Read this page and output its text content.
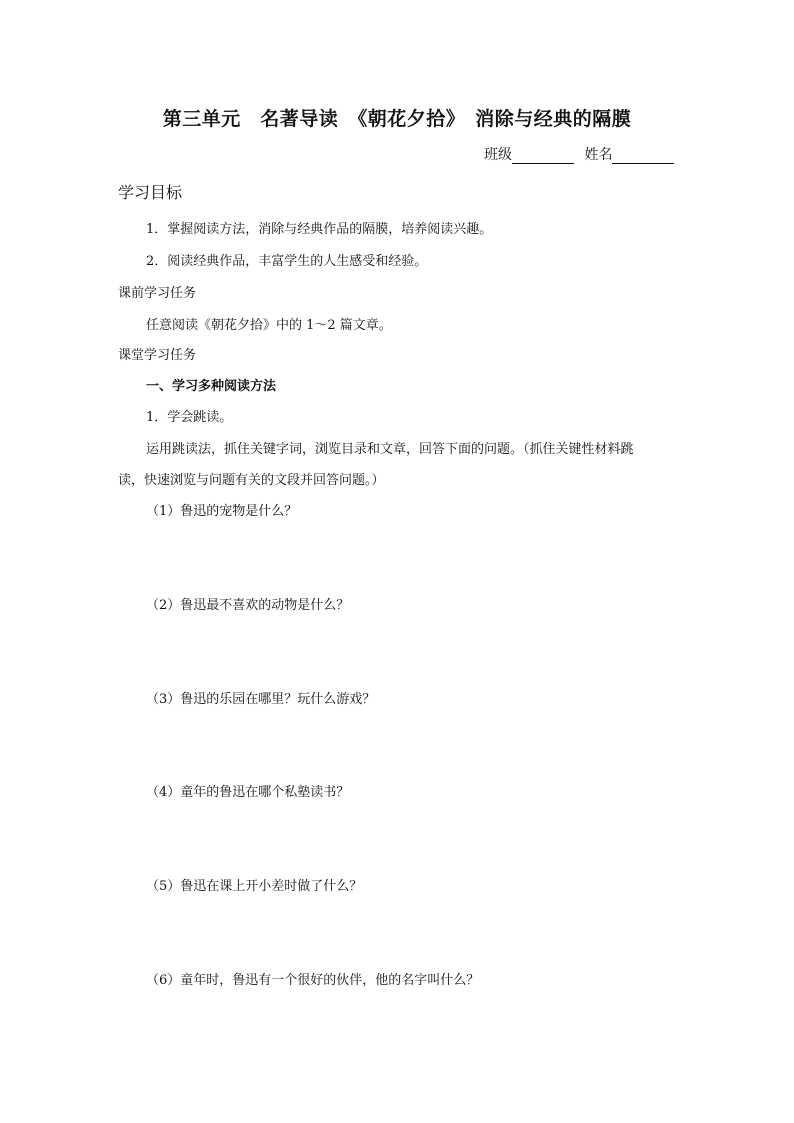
第三单元　名著导读　《朝花夕拾》　消除与经典的隔膜
班级	姓名
学习目标
1．掌握阅读方法，消除与经典作品的隔膜，培养阅读兴趣。
2．阅读经典作品，丰富学生的人生感受和经验。
课前学习任务
任意阅读《朝花夕拾》中的 1～2 篇文章。
课堂学习任务
一、学习多种阅读方法
1．学会跳读。
运用跳读法，抓住关键字词，浏览目录和文章，回答下面的问题。（抓住关键性材料跳
读，快速浏览与问题有关的文段并回答问题。）
（1）鲁迅的宠物是什么？
（2）鲁迅最不喜欢的动物是什么？
（3）鲁迅的乐园在哪里？玩什么游戏？
（4）童年的鲁迅在哪个私塾读书？
（5）鲁迅在课上开小差时做了什么？
（6）童年时，鲁迅有一个很好的伙伴，他的名字叫什么？
